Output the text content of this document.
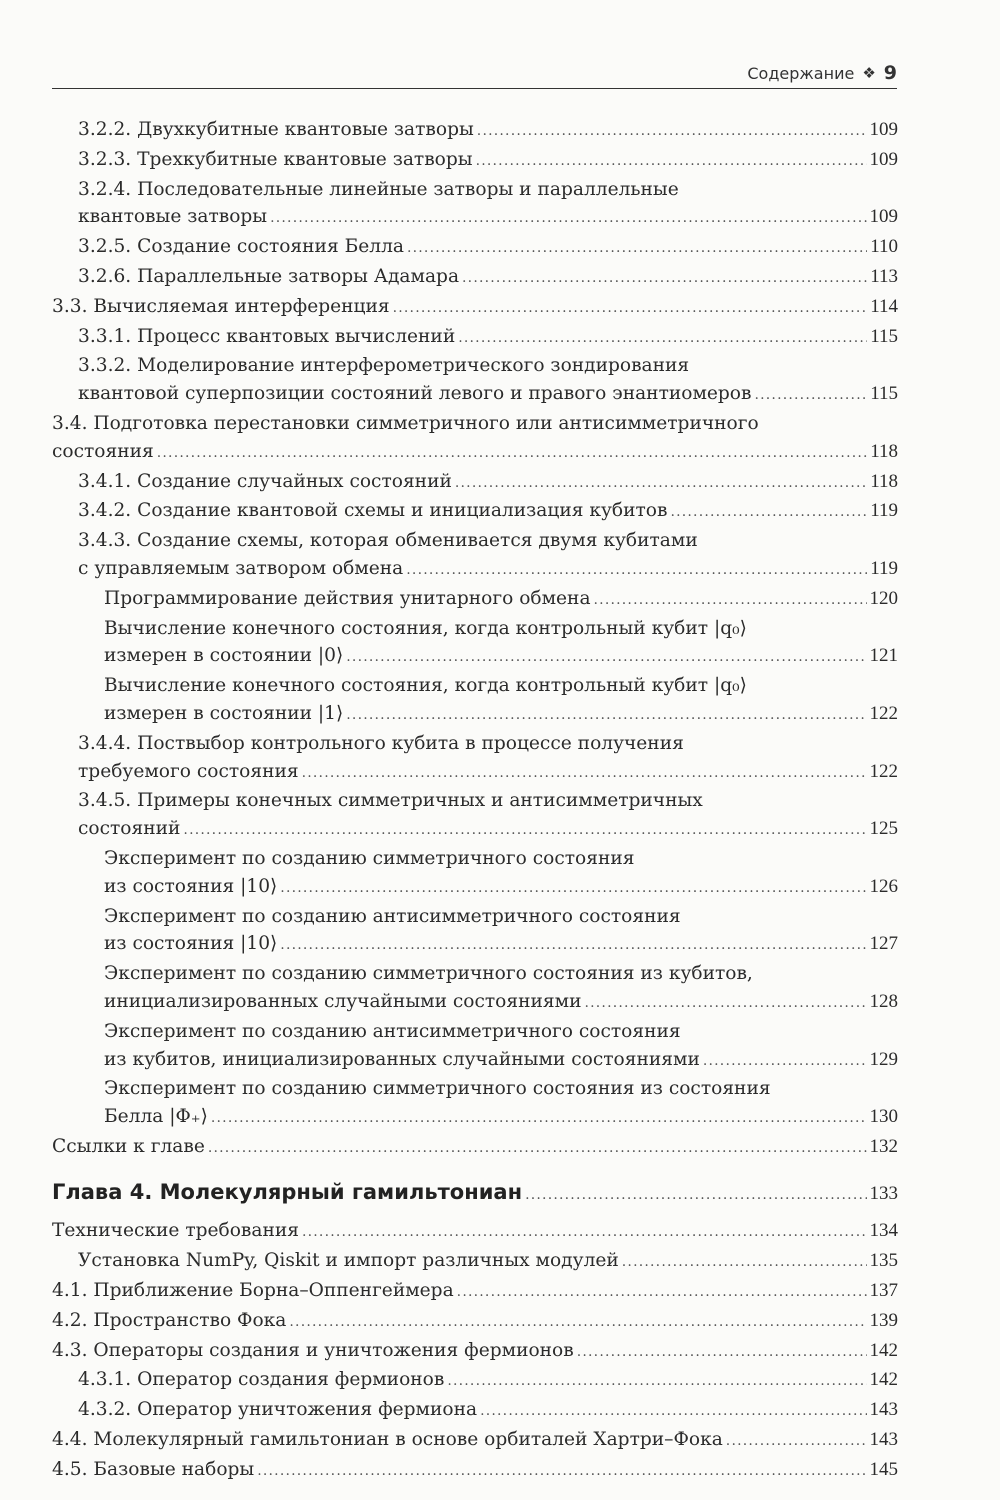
Содержание ❖ 9
3.2.2. Двухкубитные квантовые затворы .....	109
3.2.3. Трехкубитные квантовые затворы .....	109
3.2.4. Последовательные линейные затворы и параллельные
квантовые затворы .....	109
3.2.5. Создание состояния Белла .....	110
3.2.6. Параллельные затворы Адамара .....	113
3.3. Вычисляемая интерференция .....	114
3.3.1. Процесс квантовых вычислений .....	115
3.3.2. Моделирование интерферометрического зондирования
квантовой суперпозиции состояний левого и правого энантиомеров .....	115
3.4. Подготовка перестановки симметричного или антисимметричного
состояния .....	118
3.4.1. Создание случайных состояний .....	118
3.4.2. Создание квантовой схемы и инициализация кубитов .....	119
3.4.3. Создание схемы, которая обменивается двумя кубитами
с управляемым затвором обмена .....	119
Программирование действия унитарного обмена .....	120
Вычисление конечного состояния, когда контрольный кубит |q₀⟩
измерен в состоянии |0⟩ .....	121
Вычисление конечного состояния, когда контрольный кубит |q₀⟩
измерен в состоянии |1⟩ .....	122
3.4.4. Поствыбор контрольного кубита в процессе получения
требуемого состояния .....	122
3.4.5. Примеры конечных симметричных и антисимметричных
состояний .....	125
Эксперимент по созданию симметричного состояния
из состояния |10⟩ .....	126
Эксперимент по созданию антисимметричного состояния
из состояния |10⟩ .....	127
Эксперимент по созданию симметричного состояния из кубитов,
инициализированных случайными состояниями .....	128
Эксперимент по созданию антисимметричного состояния
из кубитов, инициализированных случайными состояниями .....	129
Эксперимент по созданию симметричного состояния из состояния
Белла |Φ₊⟩ .....	130
Ссылки к главе .....	132
Глава 4. Молекулярный гамильтониан .....	133
Технические требования .....	134
Установка NumPy, Qiskit и импорт различных модулей .....	135
4.1. Приближение Борна–Оппенгеймера .....	137
4.2. Пространство Фока .....	139
4.3. Операторы создания и уничтожения фермионов .....	142
4.3.1. Оператор создания фермионов .....	142
4.3.2. Оператор уничтожения фермиона .....	143
4.4. Молекулярный гамильтониан в основе орбиталей Хартри–Фока .....	143
4.5. Базовые наборы .....	145
